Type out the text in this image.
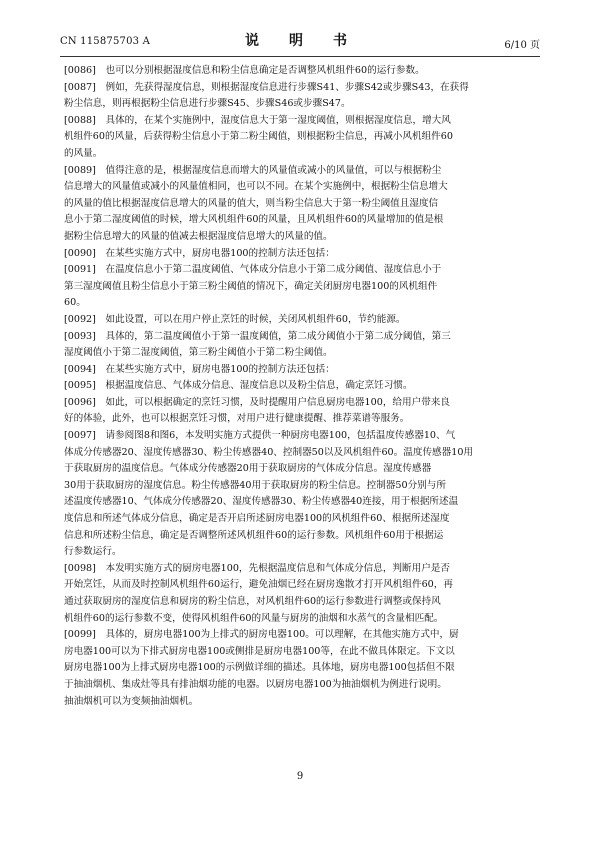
CN 115875703 A	说　明　书	6/10 页

[0086]　也可以分别根据湿度信息和粉尘信息确定是否调整风机组件60的运行参数。

[0087]　例如，先获得湿度信息，则根据湿度信息进行步骤S41、步骤S42或步骤S43，在获得
粉尘信息，则再根据粉尘信息进行步骤S45、步骤S46或步骤S47。

[0088]　具体的，在某个实施例中，湿度信息大于第一湿度阈值，则根据湿度信息，增大风
机组件60的风量，后获得粉尘信息小于第二粉尘阈值，则根据粉尘信息，再减小风机组件60
的风量。

[0089]　值得注意的是，根据湿度信息而增大的风量值或减小的风量值，可以与根据粉尘
信息增大的风量值或减小的风量值相同，也可以不同。在某个实施例中，根据粉尘信息增大
的风量的值比根据湿度信息增大的风量的值大，则当粉尘信息大于第一粉尘阈值且湿度信
息小于第二湿度阈值的时候，增大风机组件60的风量，且风机组件60的风量增加的值是根
据粉尘信息增大的风量的值减去根据湿度信息增大的风量的值。

[0090]　在某些实施方式中，厨房电器100的控制方法还包括：

[0091]　在温度信息小于第二温度阈值、气体成分信息小于第二成分阈值、湿度信息小于
第三湿度阈值且粉尘信息小于第三粉尘阈值的情况下，确定关闭厨房电器100的风机组件
60。

[0092]　如此设置，可以在用户停止烹饪的时候，关闭风机组件60，节约能源。

[0093]　具体的，第二温度阈值小于第一温度阈值，第二成分阈值小于第二成分阈值，第三
湿度阈值小于第二湿度阈值，第三粉尘阈值小于第二粉尘阈值。

[0094]　在某些实施方式中，厨房电器100的控制方法还包括：

[0095]　根据温度信息、气体成分信息、湿度信息以及粉尘信息，确定烹饪习惯。

[0096]　如此，可以根据确定的烹饪习惯，及时提醒用户信息厨房电器100，给用户带来良
好的体验，此外，也可以根据烹饪习惯，对用户进行健康提醒、推荐菜谱等服务。

[0097]　请参阅图8和图6，本发明实施方式提供一种厨房电器100，包括温度传感器10、气
体成分传感器20、湿度传感器30、粉尘传感器40、控制器50以及风机组件60。温度传感器10用
于获取厨房的温度信息。气体成分传感器20用于获取厨房的气体成分信息。湿度传感器
30用于获取厨房的湿度信息。粉尘传感器40用于获取厨房的粉尘信息。控制器50分别与所
述温度传感器10、气体成分传感器20、湿度传感器30、粉尘传感器40连接，用于根据所述温
度信息和所述气体成分信息，确定是否开启所述厨房电器100的风机组件60、根据所述湿度
信息和所述粉尘信息，确定是否调整所述风机组件60的运行参数。风机组件60用于根据运
行参数运行。

[0098]　本发明实施方式的厨房电器100，先根据温度信息和气体成分信息，判断用户是否
开始烹饪，从而及时控制风机组件60运行，避免油烟已经在厨房逸散才打开风机组件60，再
通过获取厨房的湿度信息和厨房的粉尘信息，对风机组件60的运行参数进行调整或保持风
机组件60的运行参数不变，使得风机组件60的风量与厨房的油烟和水蒸气的含量相匹配。

[0099]　具体的，厨房电器100为上排式的厨房电器100。可以理解，在其他实施方式中，厨
房电器100可以为下排式厨房电器100或侧排是厨房电器100等，在此不做具体限定。下文以
厨房电器100为上排式厨房电器100的示例做详细的描述。具体地，厨房电器100包括但不限
于抽油烟机、集成灶等具有排油烟功能的电器。以厨房电器100为抽油烟机为例进行说明。
抽油烟机可以为变频抽油烟机。

9
